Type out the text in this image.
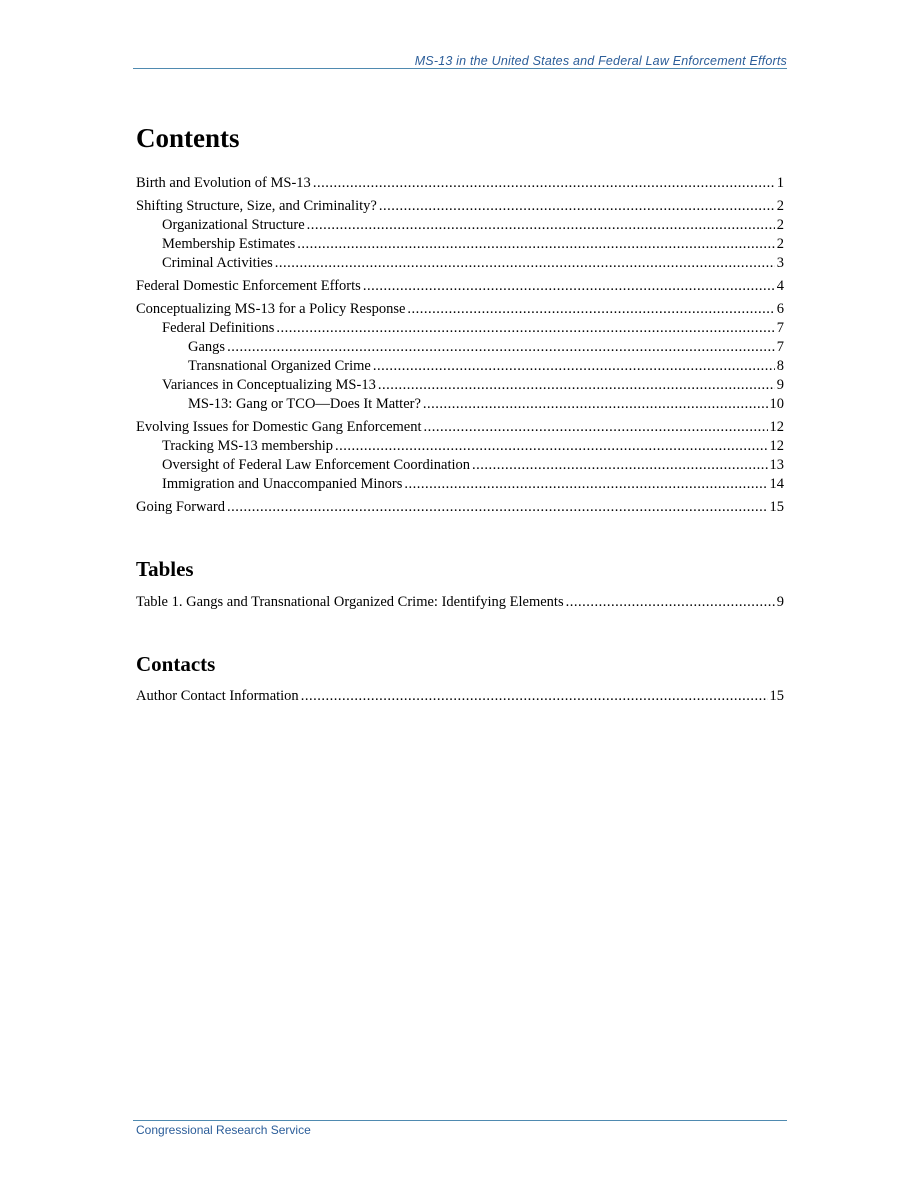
MS-13 in the United States and Federal Law Enforcement Efforts
Contents
Birth and Evolution of MS-13 .....	1
Shifting Structure, Size, and Criminality? .....	2
Organizational Structure .....	2
Membership Estimates .....	2
Criminal Activities .....	3
Federal Domestic Enforcement Efforts .....	4
Conceptualizing MS-13 for a Policy Response .....	6
Federal Definitions .....	7
Gangs .....	7
Transnational Organized Crime .....	8
Variances in Conceptualizing MS-13 .....	9
MS-13: Gang or TCO—Does It Matter? .....	10
Evolving Issues for Domestic Gang Enforcement .....	12
Tracking MS-13 membership .....	12
Oversight of Federal Law Enforcement Coordination .....	13
Immigration and Unaccompanied Minors .....	14
Going Forward .....	15
Tables
Table 1. Gangs and Transnational Organized Crime: Identifying Elements .....	9
Contacts
Author Contact Information .....	15
Congressional Research Service
